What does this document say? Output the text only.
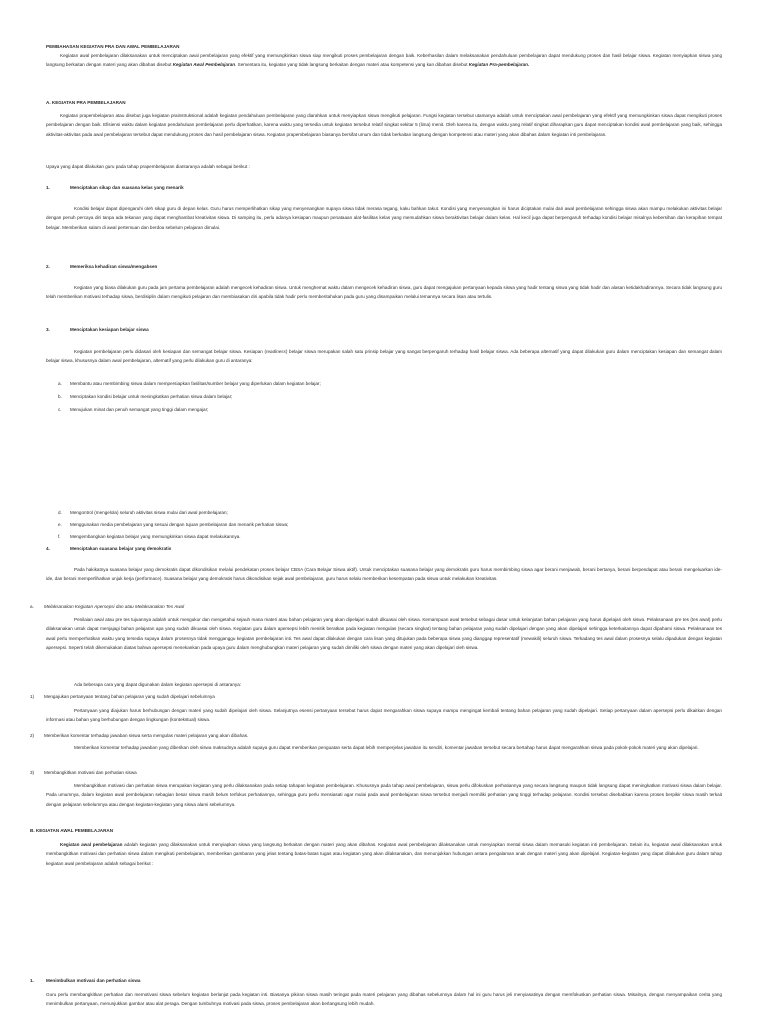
PEMBAHASAN KEGIATAN PRA DAN AWAL PEMBELAJARAN

Kegiatan awal pembelajaran dilaksanakan untuk menciptakan awal pembelajaran yang efektif yang memungkinkan siswa siap mengikuti proses pembelajaran dengan baik. Keberhasilan dalam melaksanakan pendahuluan pembelajaran dapat mendukung proses dan hasil belajar siswa. Kegiatan menyiapkan siswa yang langsung berkaitan dengan materi yang akan dibahas disebut Kegiatan Awal Pembelajaran. Sementara itu, kegiatan yang tidak langsung berkaitan dengan materi atau kompetensi yang kan dibahas disebut Kegiatan Pra-pembelajaran.

A. KEGIATAN PRA PEMBELAJARAN

Kegiatan prapembelajaran atau disebut juga kegiatan prainstruksional adalah kegiatan pendahuluan pembelajaran yang diarahkan untuk menyiapkan siswa mengikuti pelajaran. Fungsi kegiatan tersebut utamanya adalah untuk menciptakan awal pembelajaran yang efektif yang memungkinkan siswa dapat mengikuti proses pembelajaran dengan baik. Efisiensi waktu dalam kegiatan pendahuluan pembelajaran perlu diperhatikan, karena waktu yang tersedia untuk kegiatan tersebut relatif singkat sekitar 5 (lima) menit. Oleh karena itu, dengan waktu yang relatif singkat diharapkan guru dapat menciptakan kondisi awal pembelajaran yang baik, sehingga aktivitas-aktivitas pada awal pembelajaran tersebut dapat mendukung proses dan hasil pembelajaran siswa. Kegiatan prapembelajaran biasanya bersifat umum dan tidak berkaitan langsung dengan kompetensi atau materi yang akan dibahas dalam kegiatan inti pembelajaran.

Upaya yang dapat dilakukan guru pada tahap prapembelajaran diantaranya adalah sebagai berikut :

1.	Menciptakan sikap dan suasana kelas yang menarik

Kondisi belajar dapat dipengaruhi oleh sikap guru di depan kelas. Guru harus memperlihatkan sikap yang menyenangkan supaya siswa tidak merasa tegang, kaku bahkan takut. Kondisi yang menyenangkan ini harus diciptakan mulai dari awal pembelajaran sehingga siswa akan mampu melakukan aktivitas belajar dengan penuh percaya diri tanpa ada tekanan yang dapat menghambat kreativitas siswa. Di samping itu, perlu adanya kesiapan maupun penataaan alat-fasilitas kelas yang memudahkan siswa beraktivitas belajar dalam kelas. Hal kecil juga dapat berpengaruh terhadap kondisi belajar misalnya kebersihan dan kerapihan tempat belajar. Memberikan salam di awal pertemuan dan berdoa sebelum pelajaran dimulai.

2.	Memeriksa kehadiran siswa/mengabsen

Kegiatan yang biasa dilakukan guru pada jam pertama pembelajaran adalah mengecek kehadiran siswa. Untuk menghemat waktu dalam mengecek kehadiran siswa, guru dapat mengajukan pertanyaan kepada siswa yang hadir tentang siswa yang tidak hadir dan alasan ketidakhadirannya. Secara tidak langsung guru telah memberikan motivasi terhadap siswa, berdisiplin dalam mengikuti pelajaran dan membiasakan diri apabila tidak hadir perlu memberitahukan pada guru yang disampaikan melalui temannya secara lisan atau tertulis.

3.	Menciptakan kesiapan belajar siswa

Kegiatan pembelajaran perlu didasari oleh kesiapan dan semangat belajar siswa. Kesiapan (readiness) belajar siswa merupakan salah satu prinsip belajar yang sangat berpengaruh terhadap hasil belajar siswa. Ada beberapa alternatif yang dapat dilakukan guru dalam menciptakan kesiapan dan semangat dalam belajar siswa, khususnya dalam awal pembelajaran, alternatif yang perlu dilakukan guru di antaranya:

a. Membantu atau membimbing siswa dalam mempersiapkan fasilitas/sumber belajar yang diperlukan dalam kegiatan belajar;

b. Menciptakan kondisi belajar untuk meningkatkan perhatian siswa dalam belajar;

c. Menujukan minat dan penuh semangat yang tinggi dalam mengajar;

d. Mengontrol (mengelola) seluruh aktivitas siswa mulai dari awal pembelajaran;

e. Menggunakan media pembelajaran yang sesuai dengan tujuan pembelajaran dan menarik perhatian siswa;

f. Mengembangkan kegiatan belajar yang memungkinkan siswa dapat melakukannya.

4.	Menciptakan suasana belajar yang demokratis

Pada hakikatnya suasana belajar yang demokratis dapat dikondisikan melalui pendekatan proses belajar CBSA (Cara Belajar Siswa aktif). Untuk menciptakan suasana belajar yang demokratis guru harus membimbing siswa agar berani menjawab, berani bertanya, berani berpendapat atau berani mengeluarkan ide- ide, dan berani memperlihatkan unjuk kerja (performace). Suasana belajar yang demokratis harus dikondisikan sejak awal pembelajaran, guru harus selalu memberikan kesempatan pada siswa untuk melakukan kreativitas.

a. Melaksanakan Kegiatan Apersepsi dan atau Melaksanakan Tes Awal

Penilaian awal atau pre tes tujuannya adalah untuk mengukur dan mengetahui sejauh mana materi atau bahan pelajaran yang akan dipelajari sudah dikuasai oleh siswa. Kemampuan awal tersebut sebagai dasar untuk kelanjutan bahan pelajaran yang harus dipelajari oleh siswa. Pelaksanaan pre tes (tes awal) perlu dilaksanakan untuk dapat menjajagi bahan pelajaran apa yang sudah dikuasai oleh siswa. Kegiatan guru dalam apersepsi lebih menitik beratkan pada kegiatan mengulas (secara singkat) tentang bahan pelajaran yang sudah dipelajari dengan yang akan dipelajari sehingga keterkaitannya dapat dipahami siswa. Pelaksanaan tes awal perlu memperhatikan waktu yang tersedia supaya dalam prosesnya tidak mengganggu kegiatan pembelajaran inti. Tes awal dapat dilakukan dengan cara lisan yang ditujukan pada beberapa siswa yang dianggap representatif (mewakili) seluruh siswa. Terkadang tes awal dalam prosesnya selalu dipadukan dengan kegiatan apersepsi. Seperti telah dikemukakan diatas bahwa apersepsi menekankan pada upaya guru dalam menghubungkan materi pelajaran yang sudah dimiliki oleh siswa dengan materi yang akan dipelajari oleh siswa.

Ada beberapa cara yang dapat digunakan dalam kegiatan apersepsi di antaranya:

1) Mengajukan pertanyaan tentang bahan pelajaran yang sudah dipelajari sebelumnya

Pertanyaan yang diajukan harus berhubungan dengan materi yang sudah dipelajari oleh siswa. Selanjutnya esensi pertanyaan tersebut harus dapat mengarahkan siswa supaya mampu mengingat kembali tentang bahan pelajaran yang sudah dipelajari. Setiap pertanyaan dalam apersepsi perlu dikaitkan dengan informasi atau bahan yang berhubungan dengan lingkungan (kontekstual) siswa.

2) Memberikan komentar terhadap jawaban siswa serta mengulas materi pelajaran yang akan dibahas.

Memberikan komentar terhadap jawaban yang diberikan oleh siswa maksudnya adalah supaya guru dapat memberikan penguatan serta dapat lebih memperjelas jawaban itu sendiri, komentar jawaban tersebut secara bertahap harus dapat mengarahkan siswa pada pokok-pokok materi yang akan dipelajari.

3) Membangkitkan motivasi dan perhatian siswa

Membangkitkan motivasi dan perhatian siswa merupakan kegiatan yang perlu dilaksanakan pada setiap tahapan kegiatan pembelajaran. Khususnya pada tahap awal pembelajaran, siswa perlu difokuskan perhatiannya yang secara langsung maupun tidak langsung dapat meningkatkan motivasi siswa dalam belajar. Pada umumnya, dalam kegiatan awal pembelajaran sebagian besar siswa masih belum terfokus perhatiannya, sehingga guru perlu mensiasati agar mulai pada awal pembelajaran siswa tersebut menjadi memiliki perhatian yang tinggi terhadap pelajaran. Kondisi tersebut disebabkan karena proses berpikir siswa masih terkait dengan pelajaran sebelumnya atau dengan kegiatan-kegiatan yang siswa alami sebelumnya.

B. KEGIATAN AWAL PEMBELAJARAN

Kegiatan awal pembelajaran adalah kegiatan yang dilaksanakan untuk menyiapkan siswa yang langsung berkaitan dengan materi yang akan dibahas. Kegiatan awal pembelajaran dilaksanakan untuk menyiapkan mental siswa dalam memasuki kegiatan inti pembelajaran. Selain itu, kegiatan awal dilaksanakan untuk membangkitkan motivasi dan perhatian siswa dalam mengikuti pembelajaran, memberikan gambaran yang jelas tentang batas-batas tugas atau kegiatan yang akan dilaksanakan, dan menunjukkan hubungan antara pengalaman anak dengan materi yang akan dipelajari. Kegiatan-kegiatan yang dapat dilakukan guru dalam tahap kegiatan awal pembelajaran adalah sebagai berikut :

1.	Menimbulkan motivasi dan perhatian siswa

Guru perlu membangkitkan perhatian dan memotivasi siswa sebelum kegiatan berlanjut pada kegiatan inti. Biasanya pikiran siswa masih teringat pada materi pelajaran yang dibahas sebelumnya dalam hal ini guru harus jeli menyiasatinya dengan memfokuskan perhatian siswa. Misalnya, dengan menyampaikan cerita yang menimbulkan pertanyaan, menunjukkan gambar atau alat peraga. Dengan tumbuhnya motivasi pada siswa, proses pembelajaran akan berlangsung lebih mudah.
